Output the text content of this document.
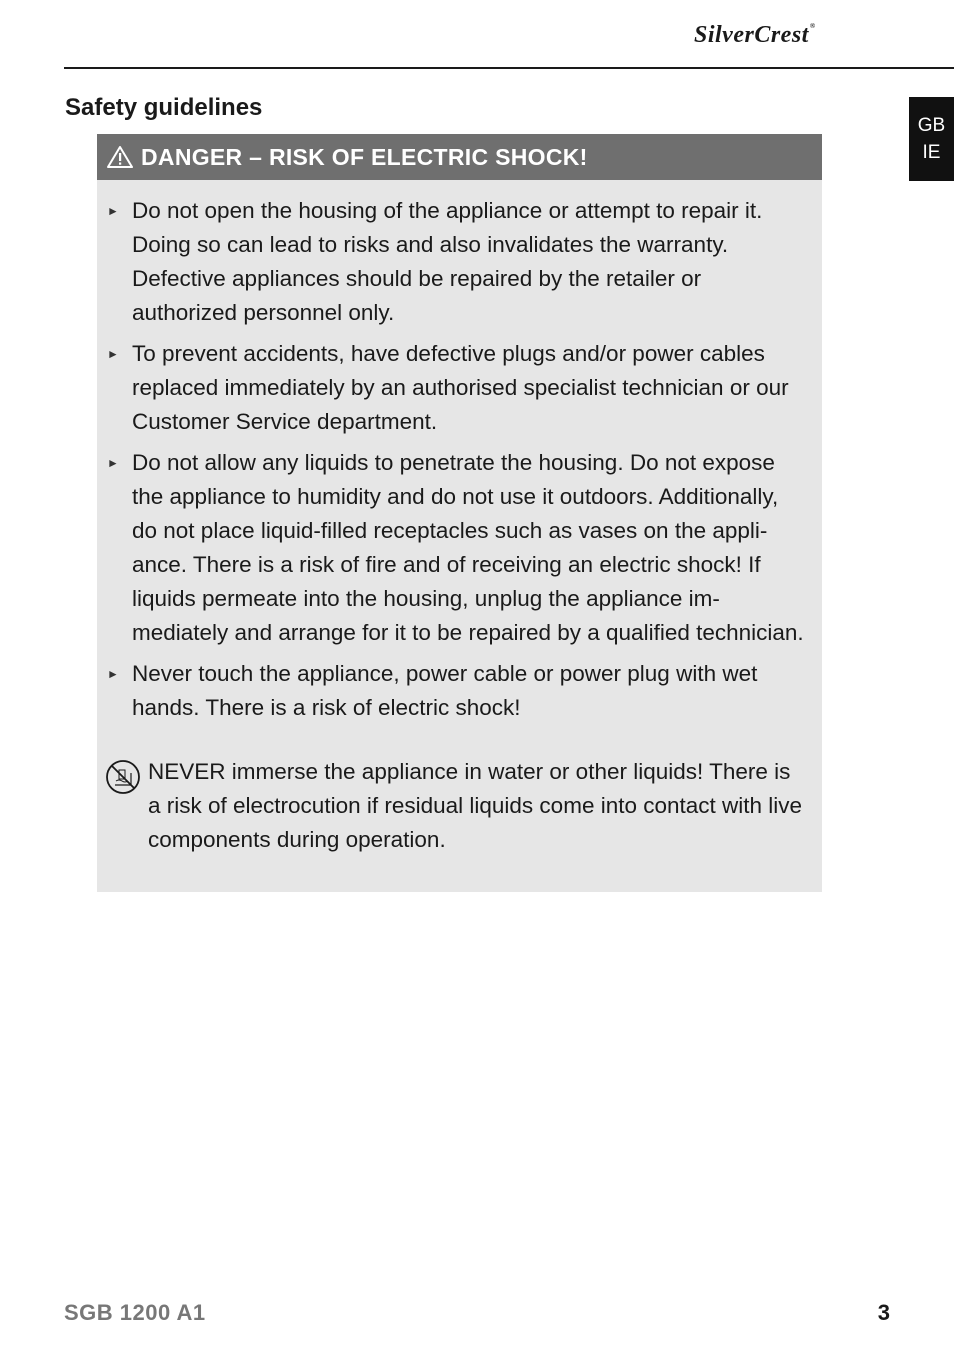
SilverCrest®
GB
IE
Safety guidelines
DANGER – RISK OF ELECTRIC SHOCK!
► Do not open the housing of the appliance or attempt to repair it. Doing so can lead to risks and also invalidates the warranty. Defective appliances should be repaired by the retailer or authorized personnel only.
► To prevent accidents, have defective plugs and/or power cables replaced immediately by an authorised specialist technician or our Customer Service department.
► Do not allow any liquids to penetrate the housing. Do not expose the appliance to humidity and do not use it outdoors. Additionally, do not place liquid-filled receptacles such as vases on the appli-ance. There is a risk of fire and of receiving an electric shock! If liquids permeate into the housing, unplug the appliance im-mediately and arrange for it to be repaired by a qualified technician.
► Never touch the appliance, power cable or power plug with wet hands. There is a risk of electric shock!
NEVER immerse the appliance in water or other liquids! There is a risk of electrocution if residual liquids come into contact with live components during operation.
SGB 1200 A1	3
